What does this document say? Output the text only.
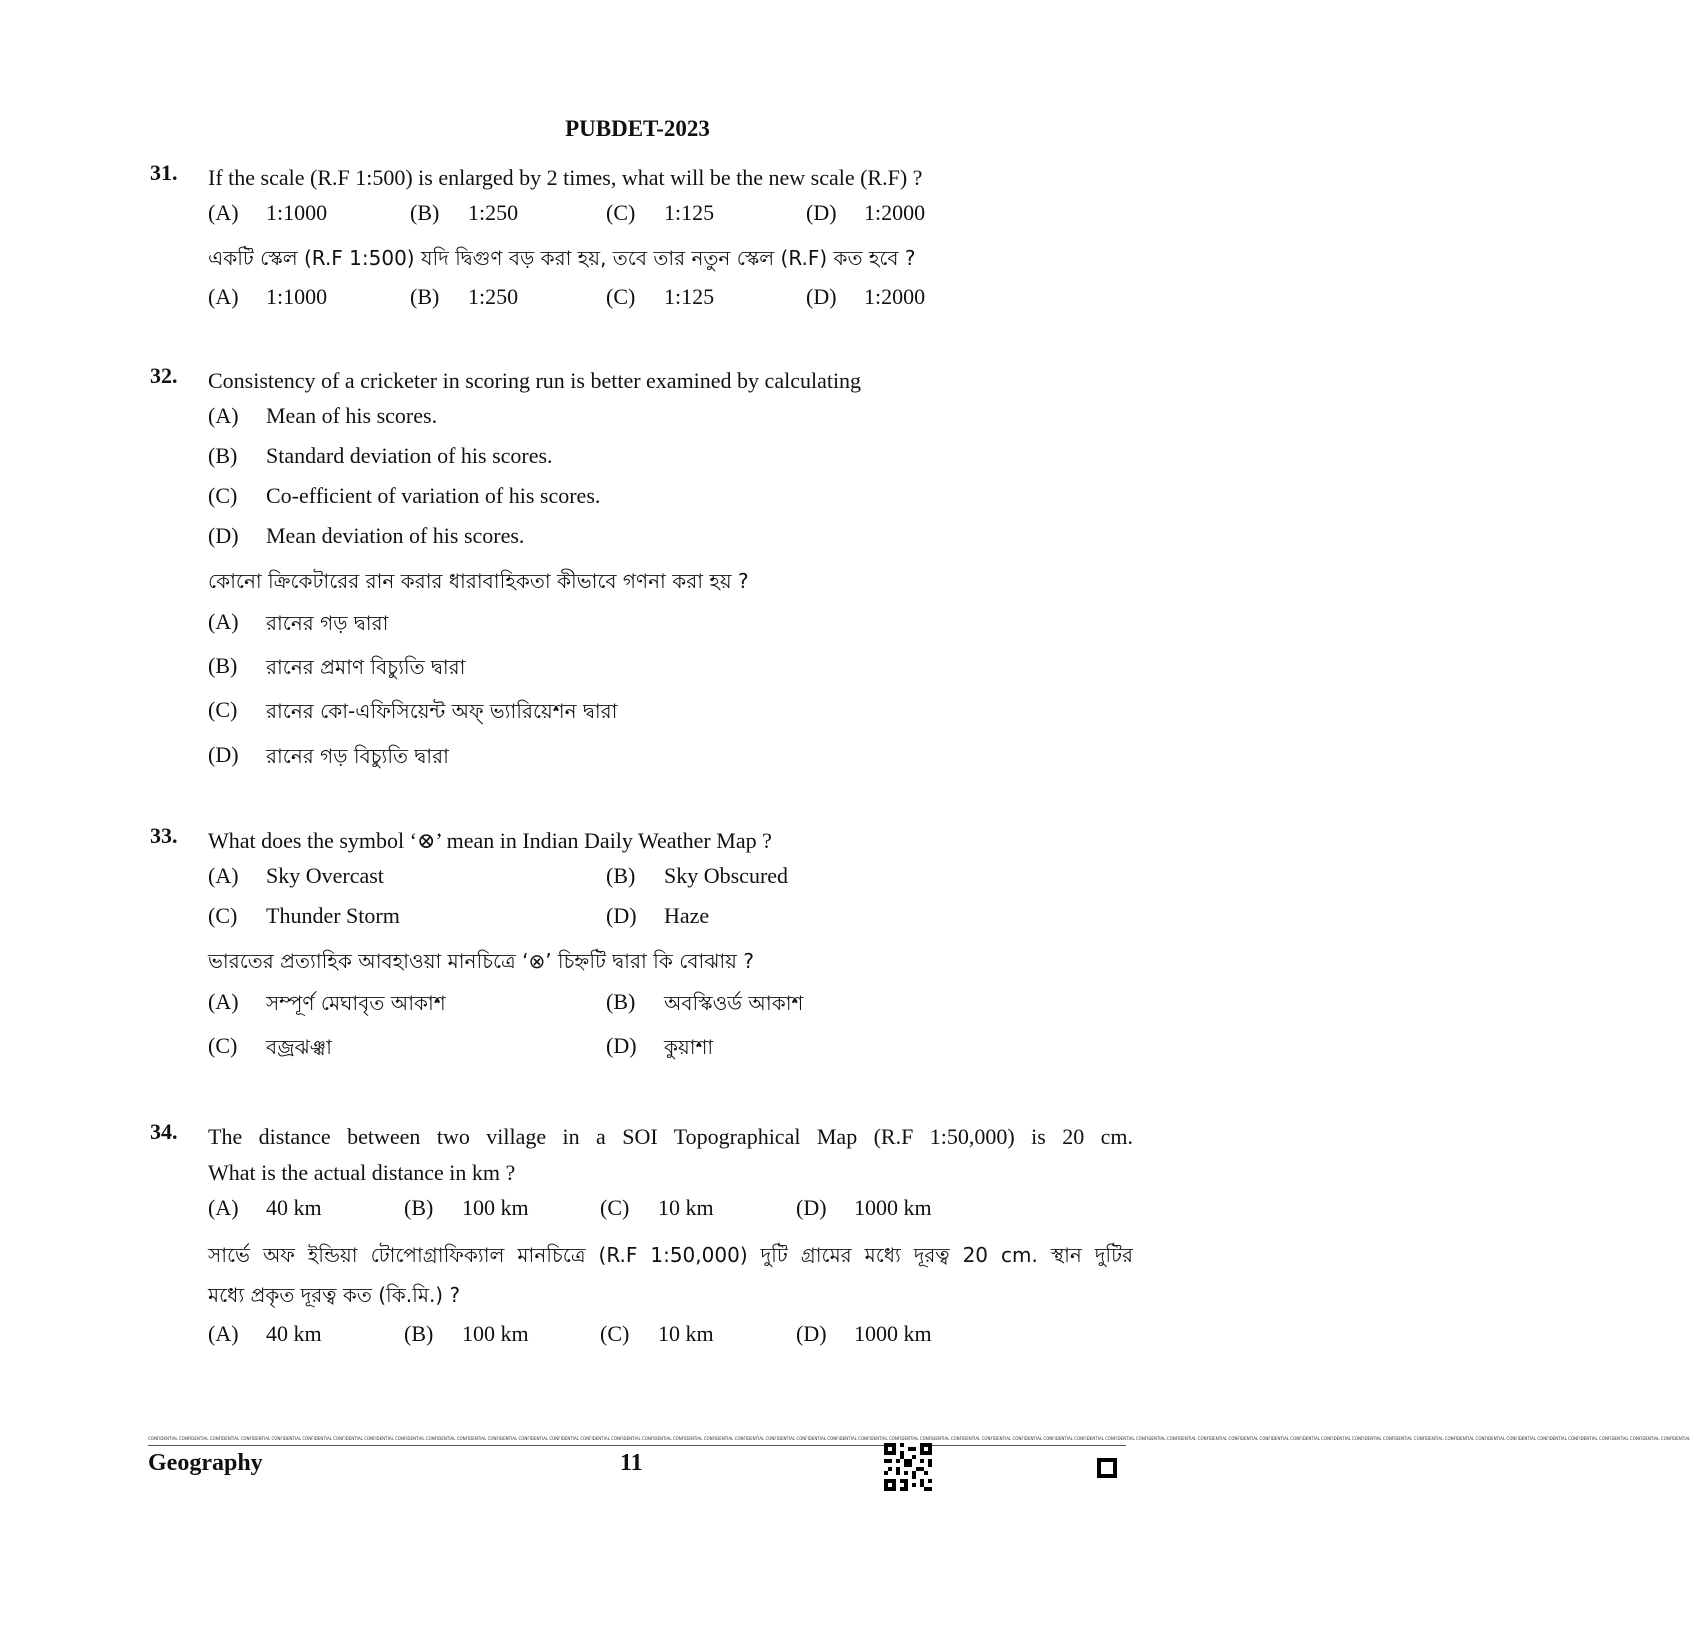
PUBDET-2023
31. If the scale (R.F 1:500) is enlarged by 2 times, what will be the new scale (R.F) ?
(A) 1:1000	(B) 1:250	(C) 1:125	(D) 1:2000
একটি স্কেল (R.F 1:500) যদি দ্বিগুণ বড় করা হয়, তবে তার নতুন স্কেল (R.F) কত হবে ?
(A) 1:1000	(B) 1:250	(C) 1:125	(D) 1:2000
32. Consistency of a cricketer in scoring run is better examined by calculating
(A) Mean of his scores.
(B) Standard deviation of his scores.
(C) Co-efficient of variation of his scores.
(D) Mean deviation of his scores.
কোনো ক্রিকেটারের রান করার ধারাবাহিকতা কীভাবে গণনা করা হয় ?
(A) রানের গড় দ্বারা
(B) রানের প্রমাণ বিচ্যুতি দ্বারা
(C) রানের কো-এফিসিয়েন্ট অফ্ ভ্যারিয়েশন দ্বারা
(D) রানের গড় বিচ্যুতি দ্বারা
33. What does the symbol ‘⊗’ mean in Indian Daily Weather Map ?
(A) Sky Overcast	(B) Sky Obscured
(C) Thunder Storm	(D) Haze
ভারতের প্রত্যাহিক আবহাওয়া মানচিত্রে ‘⊗’ চিহ্নটি দ্বারা কি বোঝায় ?
(A) সম্পূর্ণ মেঘাবৃত আকাশ	(B) অবস্কিওর্ড আকাশ
(C) বজ্রঝঞ্ঝা	(D) কুয়াশা
34. The distance between two village in a SOI Topographical Map (R.F 1:50,000) is 20 cm.
What is the actual distance in km ?
(A) 40 km	(B) 100 km	(C) 10 km	(D) 1000 km
সার্ভে অফ ইন্ডিয়া টোপোগ্রাফিক্যাল মানচিত্রে (R.F 1:50,000) দুটি গ্রামের মধ্যে দূরত্ব 20 cm. স্থান দুটির
মধ্যে প্রকৃত দূরত্ব কত (কি.মি.) ?
(A) 40 km	(B) 100 km	(C) 10 km	(D) 1000 km
CONFIDENTIAL CONFIDENTIAL CONFIDENTIAL CONFIDENTIAL CONFIDENTIAL CONFIDENTIAL CONFIDENTIAL CONFIDENTIAL CONFIDENTIAL CONFIDENTIAL CONFIDENTIAL CONFIDENTIAL CONFIDENTIAL CONFIDENTIAL CONFIDENTIAL CONFIDENTIAL CONFIDENTIAL CONFIDENTIAL CONFIDENTIAL CONFIDENTIAL CONFIDENTIAL CONFIDENTIAL CONFIDENTIAL CONFIDENTIAL CONFIDENTIAL CONFIDENTIAL CONFIDENTIAL CONFIDENTIAL CONFIDENTIAL CONFIDENTIAL CONFIDENTIAL CONFIDENTIAL CONFIDENTIAL CONFIDENTIAL CONFIDENTIAL CONFIDENTIAL CONFIDENTIAL CONFIDENTIAL CONFIDENTIAL CONFIDENTIAL CONFIDENTIAL CONFIDENTIAL CONFIDENTIAL CONFIDENTIAL CONFIDENTIAL CONFIDENTIAL CONFIDENTIAL CONFIDENTIAL CONFIDENTIAL CONFIDENTIAL
Geography	11
